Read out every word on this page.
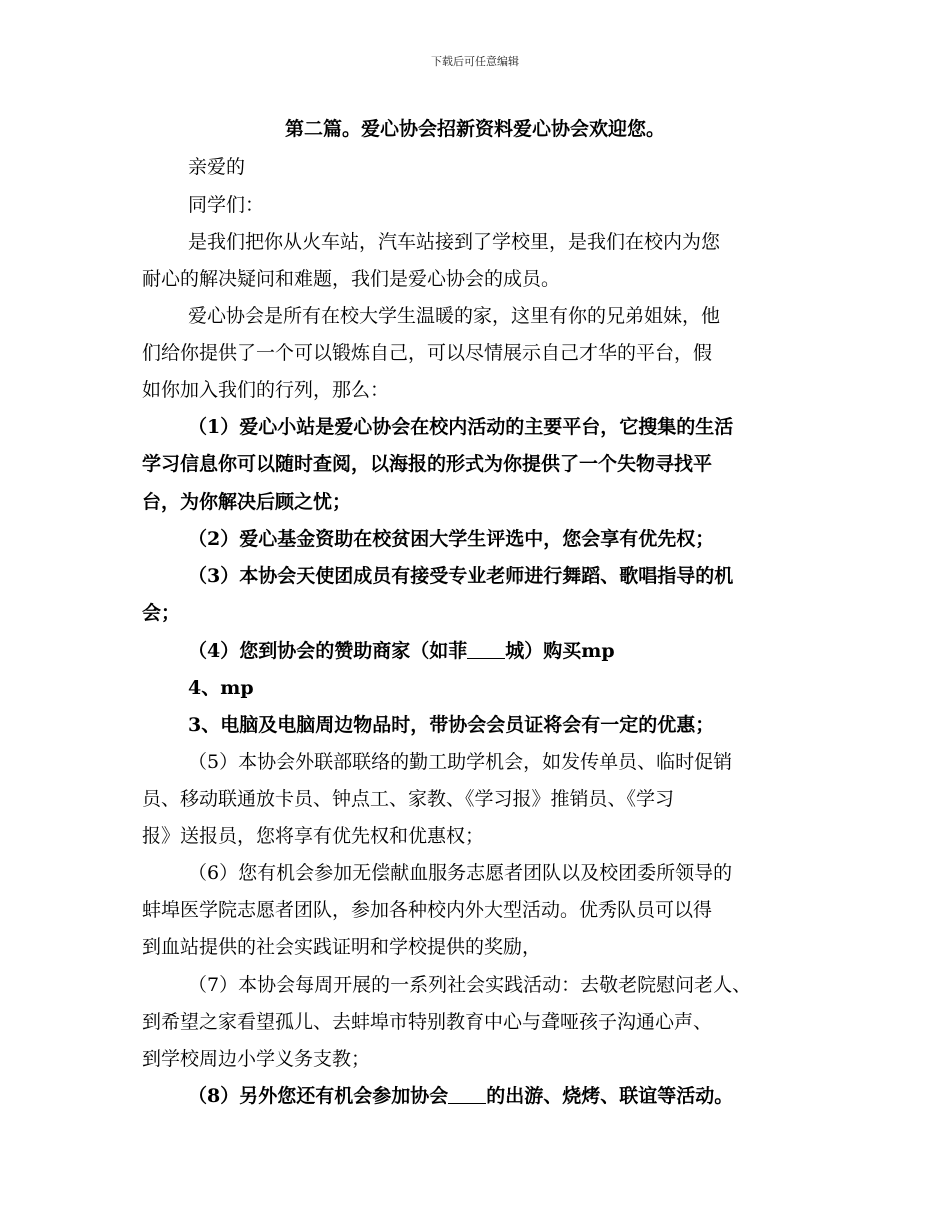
下载后可任意编辑
第二篇。爱心协会招新资料爱心协会欢迎您。
亲爱的
同学们：
是我们把你从火车站，汽车站接到了学校里，是我们在校内为您
耐心的解决疑问和难题，我们是爱心协会的成员。
爱心协会是所有在校大学生温暖的家，这里有你的兄弟姐妹，他
们给你提供了一个可以锻炼自己，可以尽情展示自己才华的平台，假
如你加入我们的行列，那么：
（1）爱心小站是爱心协会在校内活动的主要平台，它搜集的生活
学习信息你可以随时查阅，以海报的形式为你提供了一个失物寻找平
台，为你解决后顾之忧；
（2）爱心基金资助在校贫困大学生评选中，您会享有优先权；
（3）本协会天使团成员有接受专业老师进行舞蹈、歌唱指导的机
会；
（4）您到协会的赞助商家（如菲 城）购买mp
4、mp
3、电脑及电脑周边物品时，带协会会员证将会有一定的优惠；
（5）本协会外联部联络的勤工助学机会，如发传单员、临时促销
员、移动联通放卡员、钟点工、家教、《学习报》推销员、《学习
报》送报员，您将享有优先权和优惠权；
（6）您有机会参加无偿献血服务志愿者团队以及校团委所领导的
蚌埠医学院志愿者团队，参加各种校内外大型活动。优秀队员可以得
到血站提供的社会实践证明和学校提供的奖励，
（7）本协会每周开展的一系列社会实践活动：去敬老院慰问老人、
到希望之家看望孤儿、去蚌埠市特别教育中心与聋哑孩子沟通心声、
到学校周边小学义务支教；
（8）另外您还有机会参加协会 的出游、烧烤、联谊等活动。
